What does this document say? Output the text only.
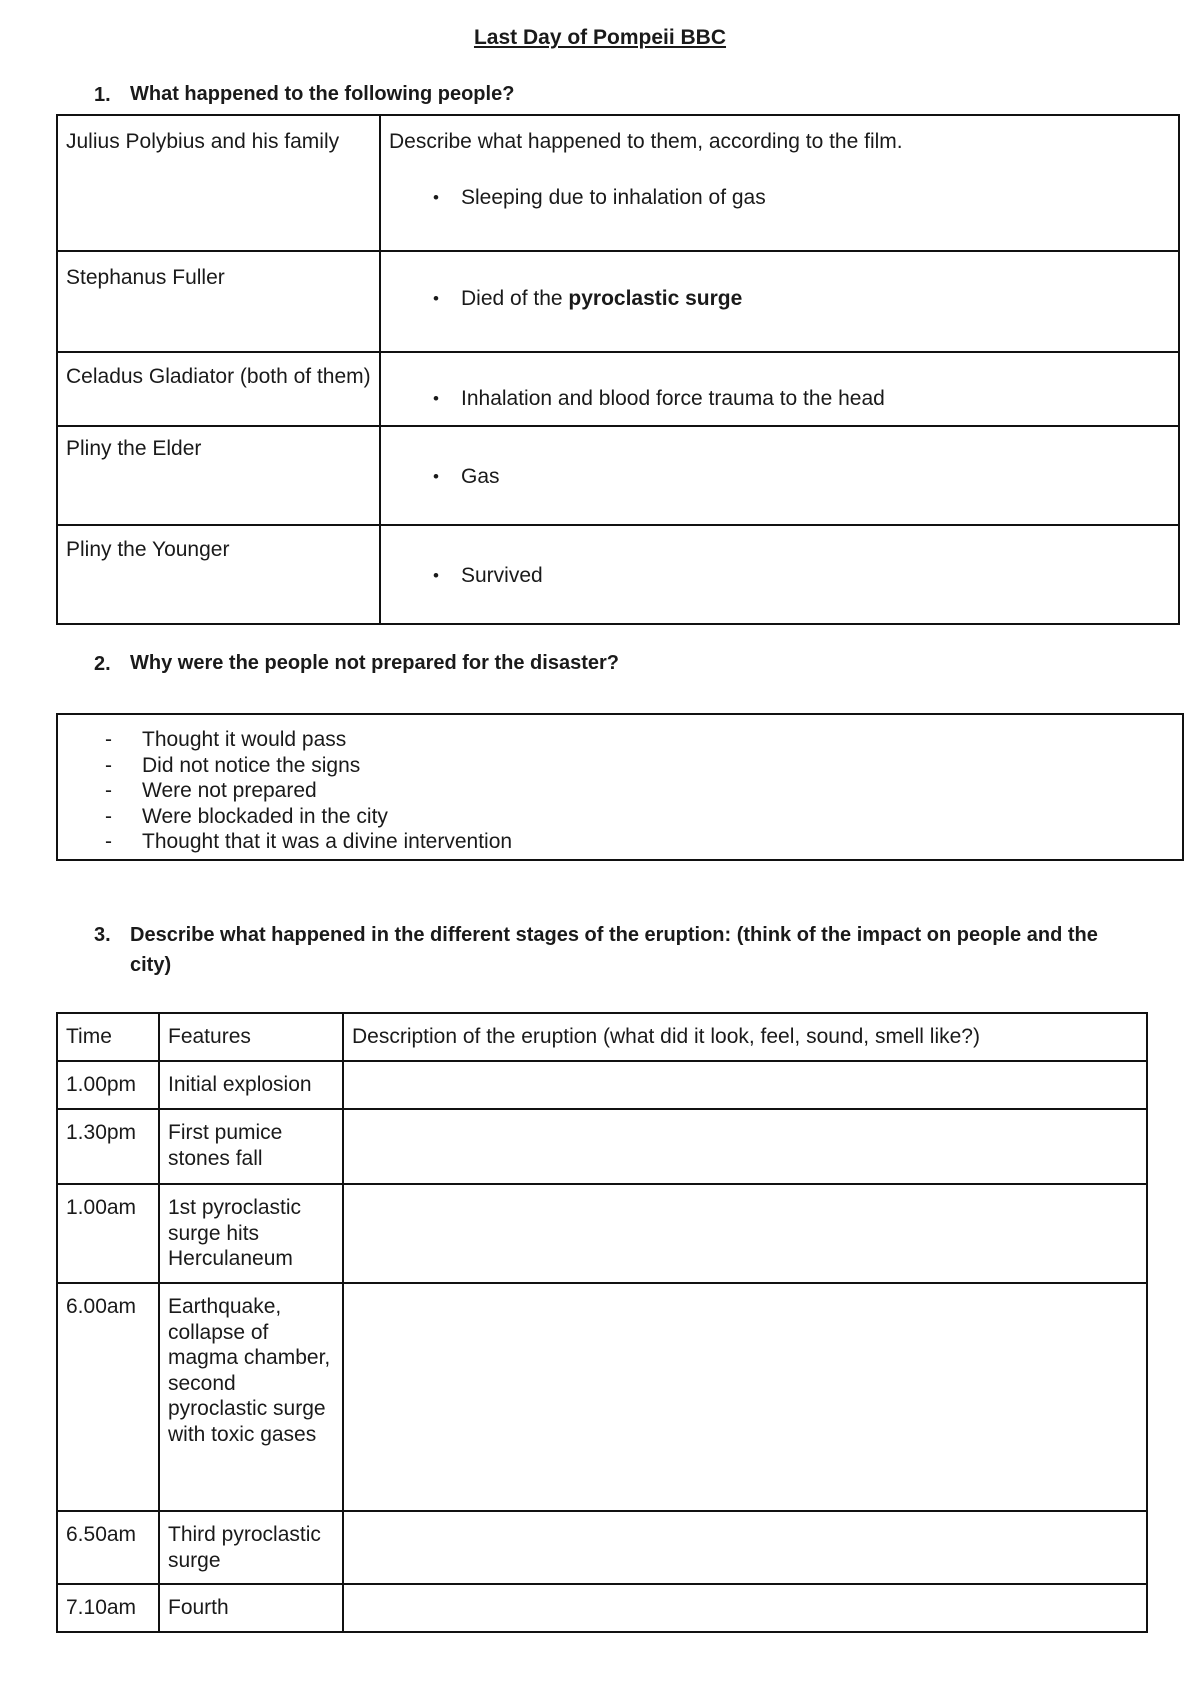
Last Day of Pompeii BBC
1. What happened to the following people?
Julius Polybius and his family	Describe what happened to them, according to the film.
• Sleeping due to inhalation of gas

Stephanus Fuller	• Died of the pyroclastic surge

Celadus Gladiator (both of them)	• Inhalation and blood force trauma to the head

Pliny the Elder	• Gas

Pliny the Younger	• Survived
2. Why were the people not prepared for the disaster?
-	Thought it would pass
-	Did not notice the signs
-	Were not prepared
-	Were blockaded in the city
-	Thought that it was a divine intervention
3. Describe what happened in the different stages of the eruption: (think of the impact on people and the city)
Time	Features	Description of the eruption (what did it look, feel, sound, smell like?)
1.00pm	Initial explosion	
1.30pm	First pumice stones fall	
1.00am	1st pyroclastic surge hits Herculaneum	
6.00am	Earthquake, collapse of magma chamber, second pyroclastic surge with toxic gases	
6.50am	Third pyroclastic surge	
7.10am	Fourth	
